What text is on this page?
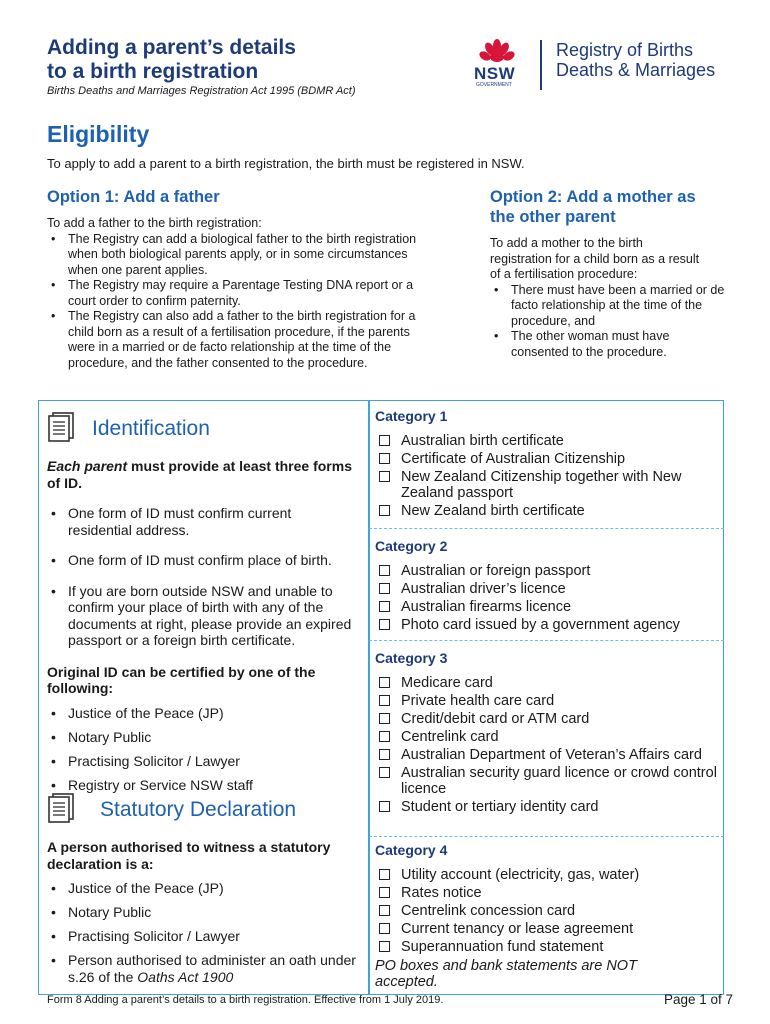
Adding a parent’s details
to a birth registration
Births Deaths and Marriages Registration Act 1995 (BDMR Act)
NSW
GOVERNMENT
Registry of Births
Deaths & Marriages
Eligibility
To apply to add a parent to a birth registration, the birth must be registered in NSW.
Option 1: Add a father
To add a father to the birth registration:
• The Registry can add a biological father to the birth registration when both biological parents apply, or in some circumstances when one parent applies.
• The Registry may require a Parentage Testing DNA report or a court order to confirm paternity.
• The Registry can also add a father to the birth registration for a child born as a result of a fertilisation procedure, if the parents were in a married or de facto relationship at the time of the procedure, and the father consented to the procedure.
Option 2: Add a mother as
the other parent
To add a mother to the birth registration for a child born as a result of a fertilisation procedure:
• There must have been a married or de facto relationship at the time of the procedure, and
• The other woman must have consented to the procedure.
Identification
Each parent must provide at least three forms of ID.
• One form of ID must confirm current residential address.
• One form of ID must confirm place of birth.
• If you are born outside NSW and unable to confirm your place of birth with any of the documents at right, please provide an expired passport or a foreign birth certificate.
Original ID can be certified by one of the following:
• Justice of the Peace (JP)
• Notary Public
• Practising Solicitor / Lawyer
• Registry or Service NSW staff
Statutory Declaration
A person authorised to witness a statutory declaration is a:
• Justice of the Peace (JP)
• Notary Public
• Practising Solicitor / Lawyer
• Person authorised to administer an oath under s.26 of the Oaths Act 1900
Category 1
Australian birth certificate
Certificate of Australian Citizenship
New Zealand Citizenship together with New Zealand passport
New Zealand birth certificate
Category 2
Australian or foreign passport
Australian driver’s licence
Australian firearms licence
Photo card issued by a government agency
Category 3
Medicare card
Private health care card
Credit/debit card or ATM card
Centrelink card
Australian Department of Veteran’s Affairs card
Australian security guard licence or crowd control licence
Student or tertiary identity card
Category 4
Utility account (electricity, gas, water)
Rates notice
Centrelink concession card
Current tenancy or lease agreement
Superannuation fund statement
PO boxes and bank statements are NOT accepted.
Form 8 Adding a parent’s details to a birth registration. Effective from 1 July 2019.	Page 1 of 7
